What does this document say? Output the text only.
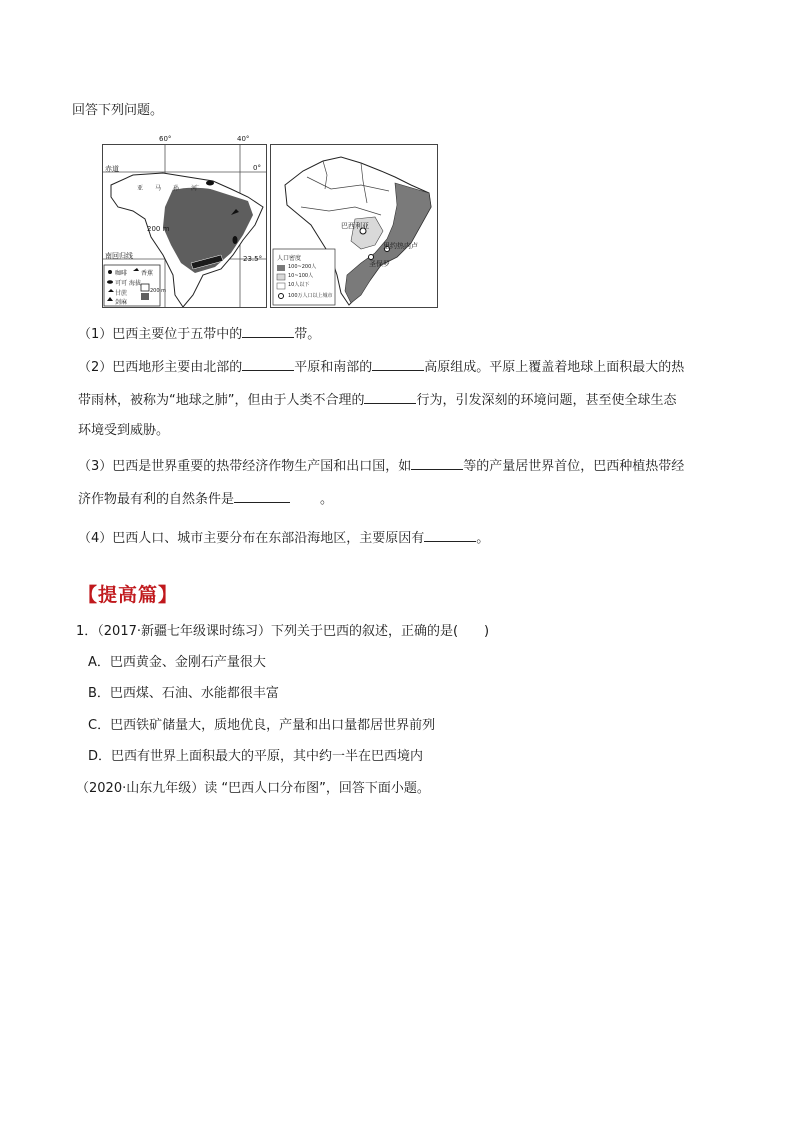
回答下列问题。
60°	40°
赤道	0°
亚 马 孙 河
200 m
南回归线	23.5°
咖啡 香蕉
可可 海拔
甘蔗	200 m
剑麻
巴西利亚
里约热内卢
圣保罗
人口密度
100~200人
10~100人
10人以下
100万人口以上城市
（1）巴西主要位于五带中的	带。
（2）巴西地形主要由北部的	平原和南部的	高原组成。平原上覆盖着地球上面积最大的热
带雨林，被称为“地球之肺”，但由于人类不合理的	行为，引发深刻的环境问题，甚至使全球生态
环境受到威胁。
（3）巴西是世界重要的热带经济作物生产国和出口国，如	等的产量居世界首位，巴西种植热带经
济作物最有利的自然条件是	。
（4）巴西人口、城市主要分布在东部沿海地区，主要原因有	。
【提高篇】
1．（2017·新疆七年级课时练习）下列关于巴西的叙述，正确的是(　　)
A．巴西黄金、金刚石产量很大
B．巴西煤、石油、水能都很丰富
C．巴西铁矿储量大，质地优良，产量和出口量都居世界前列
D．巴西有世界上面积最大的平原，其中约一半在巴西境内
（2020·山东九年级）读 “巴西人口分布图”，回答下面小题。
